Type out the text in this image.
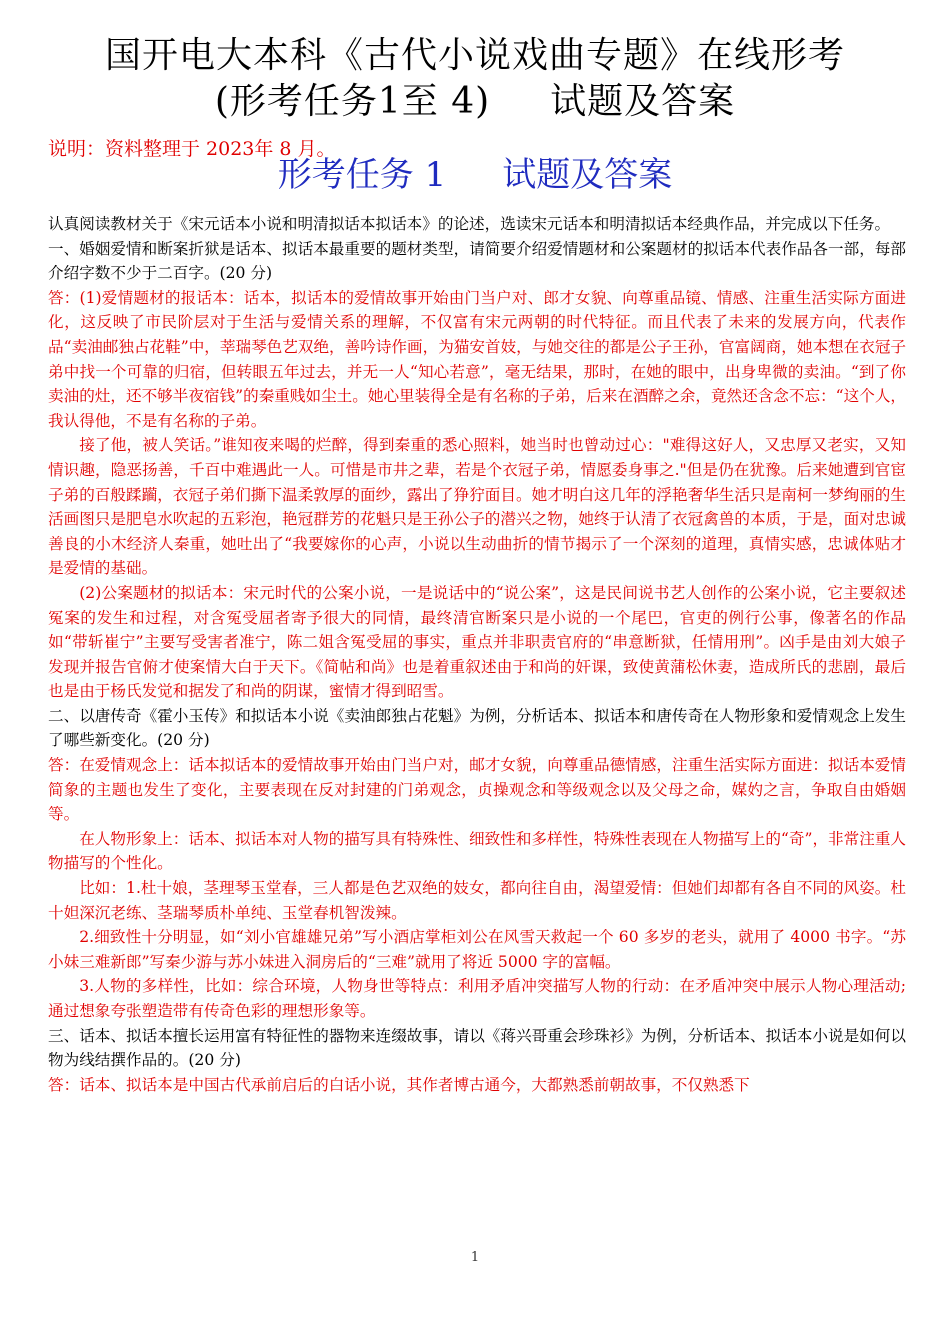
国开电大本科《古代小说戏曲专题》在线形考
(形考任务1至 4) 试题及答案

说明：资料整理于 2023年 8 月。

形考任务 1 试题及答案

认真阅读教材关于《宋元话本小说和明清拟话本拟话本》的论述，选读宋元话本和明清拟话本经典作品，并完成以下任务。

一、婚姻爱情和断案折狱是话本、拟话本最重要的题材类型，请简要介绍爱情题材和公案题材的拟话本代表作品各一部，每部介绍字数不少于二百字。(20 分)

答：(1)爱情题材的报话本：话本，拟话本的爱情故事开始由门当户对、郎才女貌、向尊重品镜、情感、注重生活实际方面进化，这反映了市民阶层对于生活与爱情关系的理解，不仅富有宋元两朝的时代特征。而且代表了未来的发展方向，代表作品“卖油邮独占花鞋”中，莘瑞琴色艺双绝，善吟诗作画，为猫安首妓，与她交往的都是公子王孙，官富阔商，她本想在衣冠子弟中找一个可靠的归宿，但转眼五年过去，并无一人“知心若意”，毫无结果，那时，在她的眼中，出身卑微的卖油。“到了你卖油的灶，还不够半夜宿钱”的秦重贱如尘土。她心里装得全是有名称的子弟，后来在酒醉之余，竟然还含念不忘：“这个人，我认得他，不是有名称的子弟。

接了他，被人笑话。”谁知夜来喝的烂醉，得到秦重的悉心照料，她当时也曾动过心："难得这好人，又忠厚又老实，又知情识趣，隐恶扬善，千百中难遇此一人。可惜是市井之辈，若是个衣冠子弟，情愿委身事之."但是仍在犹豫。后来她遭到官宦子弟的百般蹂躏，衣冠子弟们撕下温柔敦厚的面纱，露出了狰狞面目。她才明白这几年的浮艳奢华生活只是南柯一梦绚丽的生活画图只是肥皂水吹起的五彩泡，艳冠群芳的花魁只是王孙公子的潜兴之物，她终于认清了衣冠禽兽的本质，于是，面对忠诚善良的小木经济人秦重，她吐出了“我要嫁你的心声，小说以生动曲折的情节揭示了一个深刻的道理，真情实感，忠诚体贴才是爱情的基础。

(2)公案题材的拟话本：宋元时代的公案小说，一是说话中的“说公案”，这是民间说书艺人创作的公案小说，它主要叙述冤案的发生和过程，对含冤受屈者寄予很大的同情，最终清官断案只是小说的一个尾巴，官吏的例行公事，像著名的作品如“带斩崔宁”主要写受害者准宁，陈二姐含冤受屈的事实，重点并非职责官府的“串意断狱，任情用刑”。凶手是由刘大娘子发现并报告官俯才使案情大白于天下。《简帖和尚》也是着重叙述由于和尚的奸课，致使黄蒲松休妻，造成所氏的悲剧，最后也是由于杨氏发觉和据发了和尚的阴谋，蜜情才得到昭雪。

二、以唐传奇《霍小玉传》和拟话本小说《卖油郎独占花魁》为例，分析话本、拟话本和唐传奇在人物形象和爱情观念上发生了哪些新变化。(20 分)

答：在爱情观念上：话本拟话本的爱情故事开始由门当户对，邮才女貌，向尊重品德情感，注重生活实际方面进：拟话本爱情简象的主题也发生了变化，主要表现在反对封建的门弟观念，贞操观念和等级观念以及父母之命，媒妁之言，争取自由婚姻等。

在人物形象上：话本、拟话本对人物的描写具有特殊性、细致性和多样性，特殊性表现在人物描写上的“奇”，非常注重人物描写的个性化。

比如：1.杜十娘，茎理琴玉堂春，三人都是色艺双绝的妓女，都向往自由，渴望爱情：但她们却都有各自不同的风姿。杜十妲深沉老练、茎瑞琴质朴单纯、玉堂春机智泼辣。

2.细致性十分明显，如“刘小官雄雄兄弟”写小酒店掌柜刘公在风雪天救起一个 60 多岁的老头，就用了 4000 书字。“苏小妹三难新郎”写秦少游与苏小妹进入洞房后的“三难”就用了将近 5000 字的富幅。

3.人物的多样性，比如：综合环境，人物身世等特点：利用矛盾冲突描写人物的行动：在矛盾冲突中展示人物心理活动;通过想象夸张塑造带有传奇色彩的理想形象等。

三、话本、拟话本擅长运用富有特征性的器物来连缀故事，请以《蒋兴哥重会珍珠衫》为例，分析话本、拟话本小说是如何以物为线结撰作品的。(20 分)

答：话本、拟话本是中国古代承前启后的白话小说，其作者博古通今，大都熟悉前朝故事，不仅熟悉下

1
